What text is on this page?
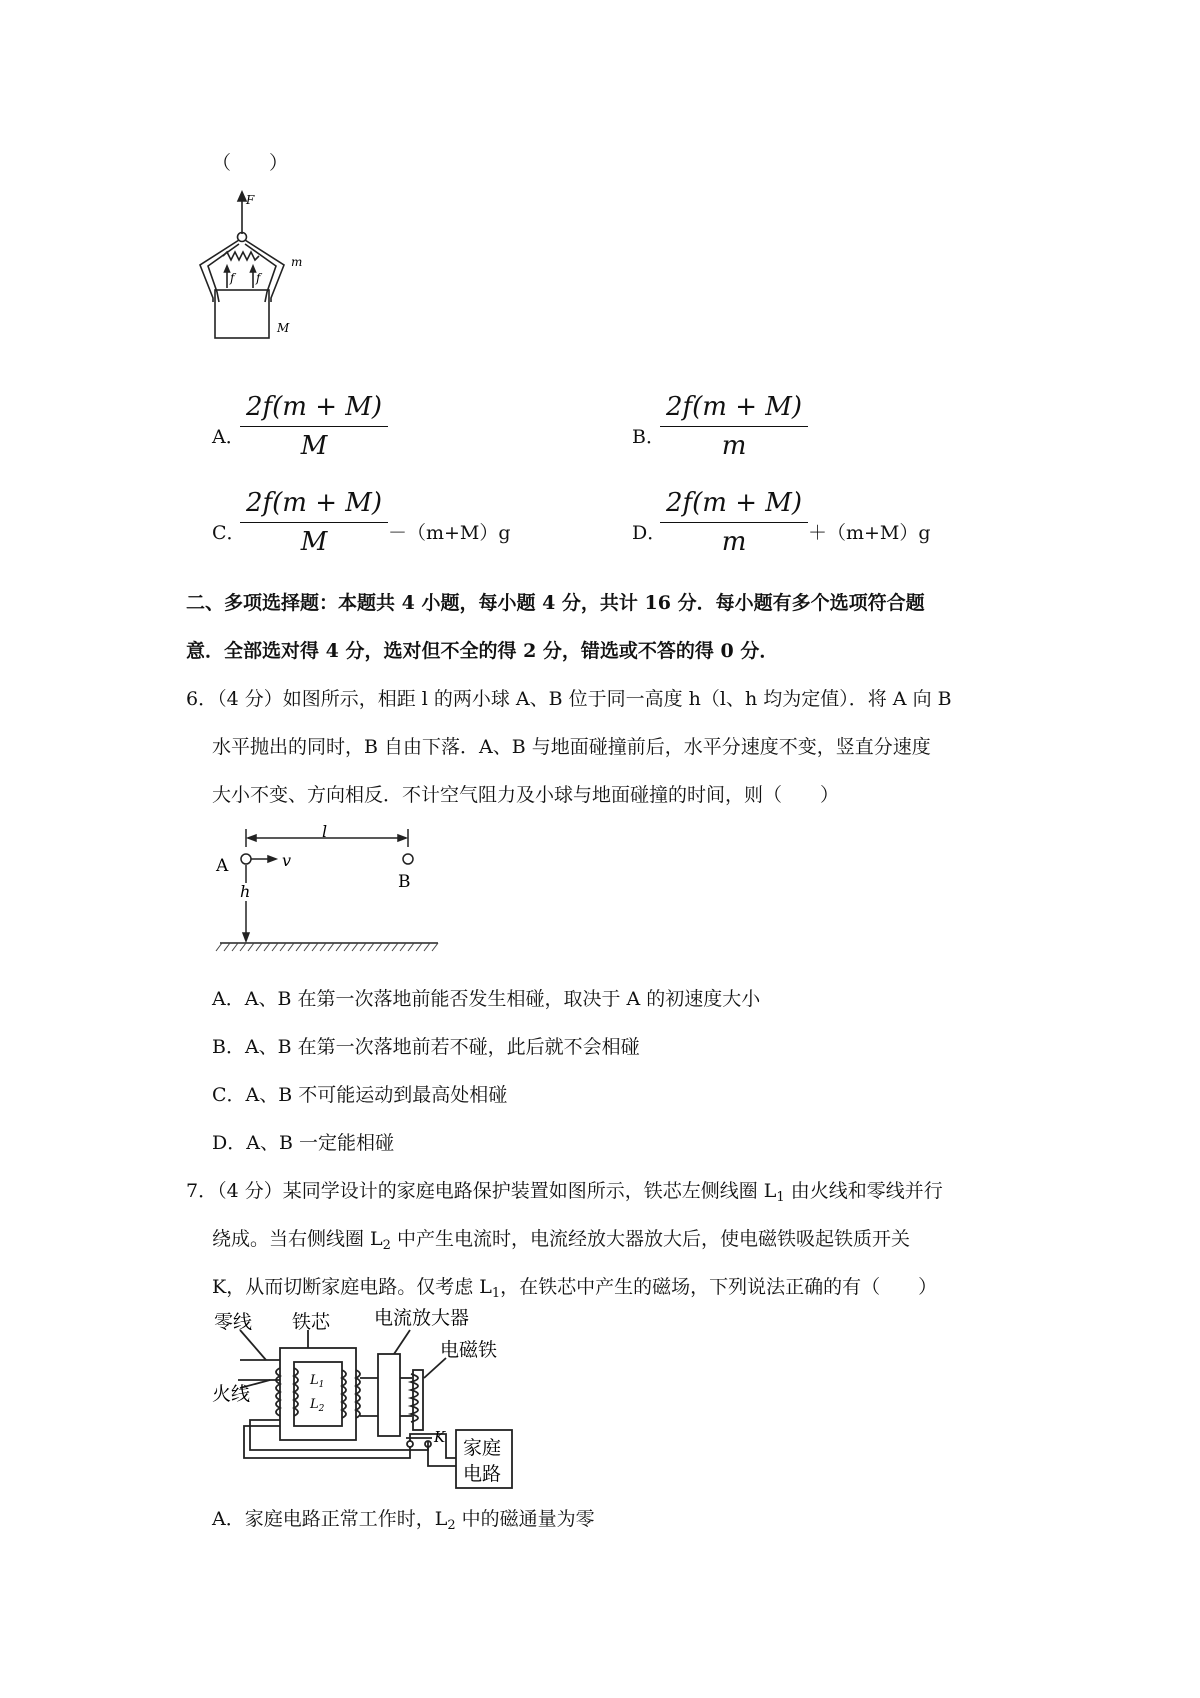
（　　）
F
f f
m
M
A．
$\frac{2f(m + M)}{M}$	B．
$\frac{2f(m + M)}{m}$
C．
$\frac{2f(m + M)}{M} -(m+M)g$	D．
$\frac{2f(m + M)}{m} +(m+M)g$
二、多项选择题：本题共 4 小题，每小题 4 分，共计 16 分．每小题有多个选项符合题
意．全部选对得 4 分，选对但不全的得 2 分，错选或不答的得 0 分．
6．（4 分）如图所示，相距 l 的两小球 A、B 位于同一高度 h（l、h 均为定值）．将 A 向 B
水平抛出的同时，B 自由下落．A、B 与地面碰撞前后，水平分速度不变，竖直分速度
大小不变、方向相反．不计空气阻力及小球与地面碰撞的时间，则（　　）
l
A
B
v
h
A．A、B 在第一次落地前能否发生相碰，取决于 A 的初速度大小
B．A、B 在第一次落地前若不碰，此后就不会相碰
C．A、B 不可能运动到最高处相碰
D．A、B 一定能相碰
7．（4 分）某同学设计的家庭电路保护装置如图所示，铁芯左侧线圈 $L_1$ 由火线和零线并行
绕成。当右侧线圈 $L_2$ 中产生电流时，电流经放大器放大后，使电磁铁吸起铁质开关
K，从而切断家庭电路。仅考虑 $L_1$，在铁芯中产生的磁场，下列说法正确的有（　　）
零线 铁芯 电流放大器
电磁铁
火线
$L_1$
$L_2$
K 家庭
电路
A．家庭电路正常工作时，$L_2$ 中的磁通量为零
